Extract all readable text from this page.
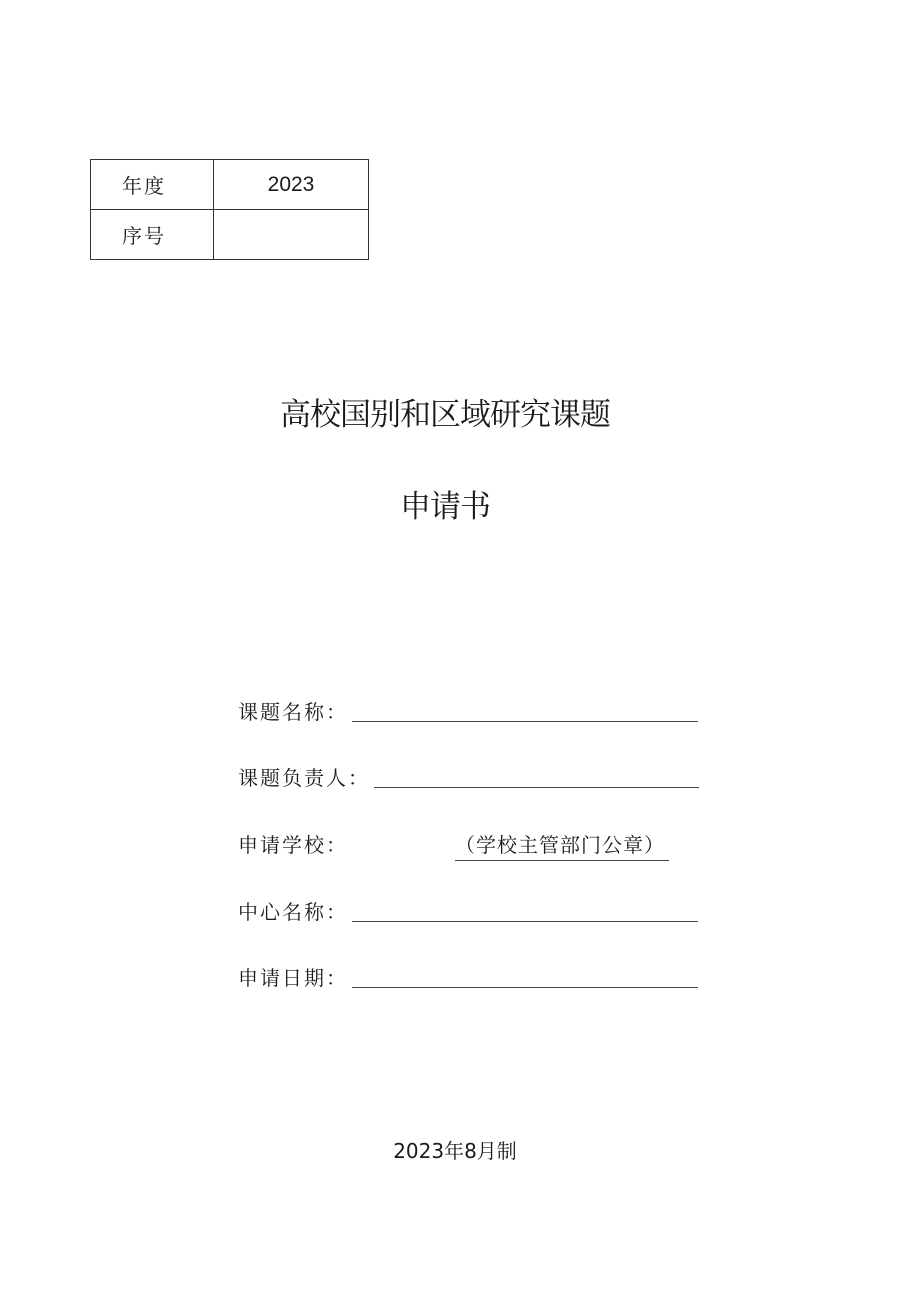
年度	2023
序号	
高校国别和区域研究课题
申请书
课题名称：
课题负责人：
申请学校：	（学校主管部门公章）
中心名称：
申请日期：
2023年8月制
